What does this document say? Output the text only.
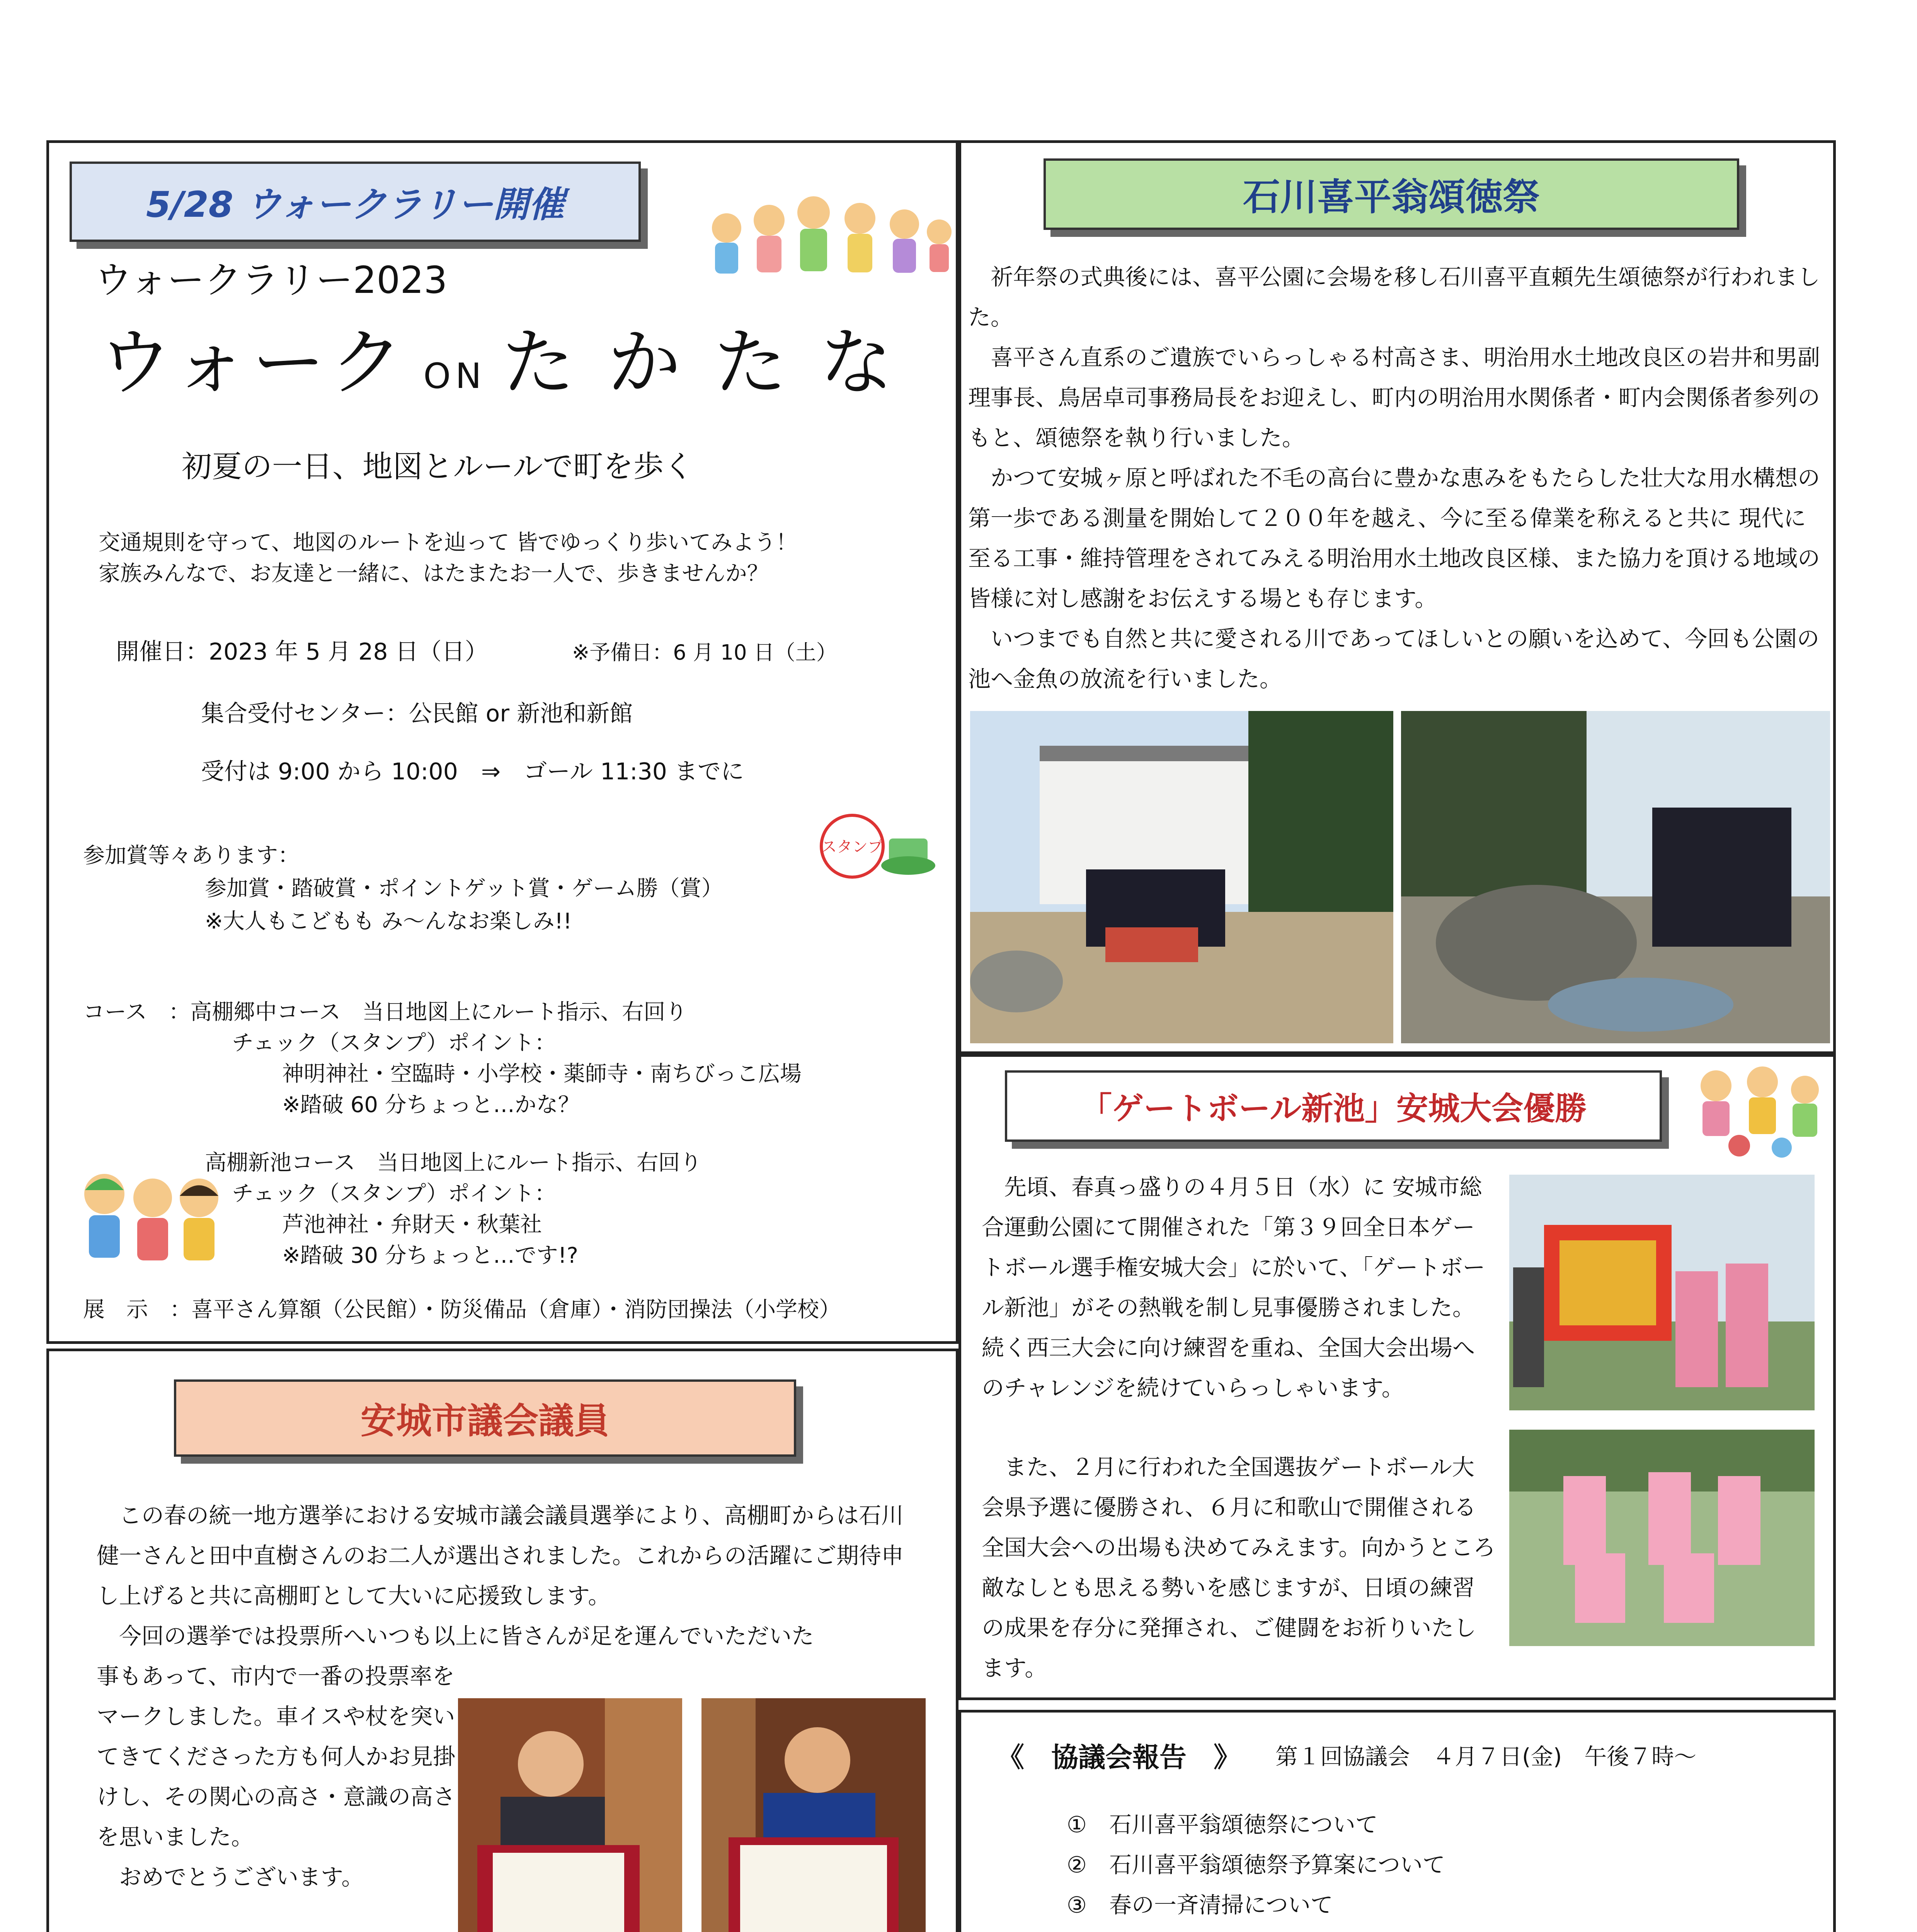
5/28 ウォークラリー開催
ウォークラリー2023
ウォーク ON た か た な
初夏の一日、地図とルールで町を歩く
交通規則を守って、地図のルートを辿って 皆でゆっくり歩いてみよう！
家族みんなで、お友達と一緒に、はたまたお一人で、歩きませんか？
開催日：2023 年 5 月 28 日（日）	※予備日：6 月 10 日（土）
集合受付センター：公民館 or 新池和新館
受付は 9:00 から 10:00　⇒　ゴール 11:30 までに
スタンプ
参加賞等々あります：
参加賞・踏破賞・ポイントゲット賞・ゲーム勝（賞）
※大人もこどもも み～んなお楽しみ!!
コース　：高棚郷中コース　当日地図上にルート指示、右回り
チェック（スタンプ）ポイント：
神明神社・空臨時・小学校・薬師寺・南ちびっこ広場
※踏破 60 分ちょっと…かな？
高棚新池コース　当日地図上にルート指示、右回り
チェック（スタンプ）ポイント：
芦池神社・弁財天・秋葉社
※踏破 30 分ちょっと…です!?
展　示　：喜平さん算額（公民館）・防災備品（倉庫）・消防団操法（小学校）
安城市議会議員
この春の統一地方選挙における安城市議会議員選挙により、高棚町からは石川健一さんと田中直樹さんのお二人が選出されました。これからの活躍にご期待申し上げると共に高棚町として大いに応援致します。
今回の選挙では投票所へいつも以上に皆さんが足を運んでいただいた
事もあって、市内で一番の投票率をマークしました。車イスや杖を突いてきてくださった方も何人かお見掛けし、その関心の高さ・意識の高さを思いました。
おめでとうございます。

石川喜平翁頌徳祭
祈年祭の式典後には、喜平公園に会場を移し石川喜平直頼先生頌徳祭が行われました。
喜平さん直系のご遺族でいらっしゃる村高さま、明治用水土地改良区の岩井和男副理事長、鳥居卓司事務局長をお迎えし、町内の明治用水関係者・町内会関係者参列のもと、頌徳祭を執り行いました。
かつて安城ヶ原と呼ばれた不毛の高台に豊かな恵みをもたらした壮大な用水構想の第一歩である測量を開始して２００年を越え、今に至る偉業を称えると共に 現代に至る工事・維持管理をされてみえる明治用水土地改良区様、また協力を頂ける地域の皆様に対し感謝をお伝えする場とも存じます。
いつまでも自然と共に愛される川であってほしいとの願いを込めて、今回も公園の池へ金魚の放流を行いました。
「ゲートボール新池」安城大会優勝
先頃、春真っ盛りの４月５日（水）に 安城市総合運動公園にて開催された「第３９回全日本ゲートボール選手権安城大会」に於いて、「ゲートボール新池」がその熱戦を制し見事優勝されました。続く西三大会に向け練習を重ね、全国大会出場へのチャレンジを続けていらっしゃいます。
また、２月に行われた全国選抜ゲートボール大会県予選に優勝され、６月に和歌山で開催される全国大会への出場も決めてみえます。向かうところ敵なしとも思える勢いを感じますが、日頃の練習の成果を存分に発揮され、ご健闘をお祈りいたします。
《　協議会報告　》 第１回協議会　４月７日(金)　午後７時～
①　石川喜平翁頌徳祭について
②　石川喜平翁頌徳祭予算案について
③　春の一斉清掃について
